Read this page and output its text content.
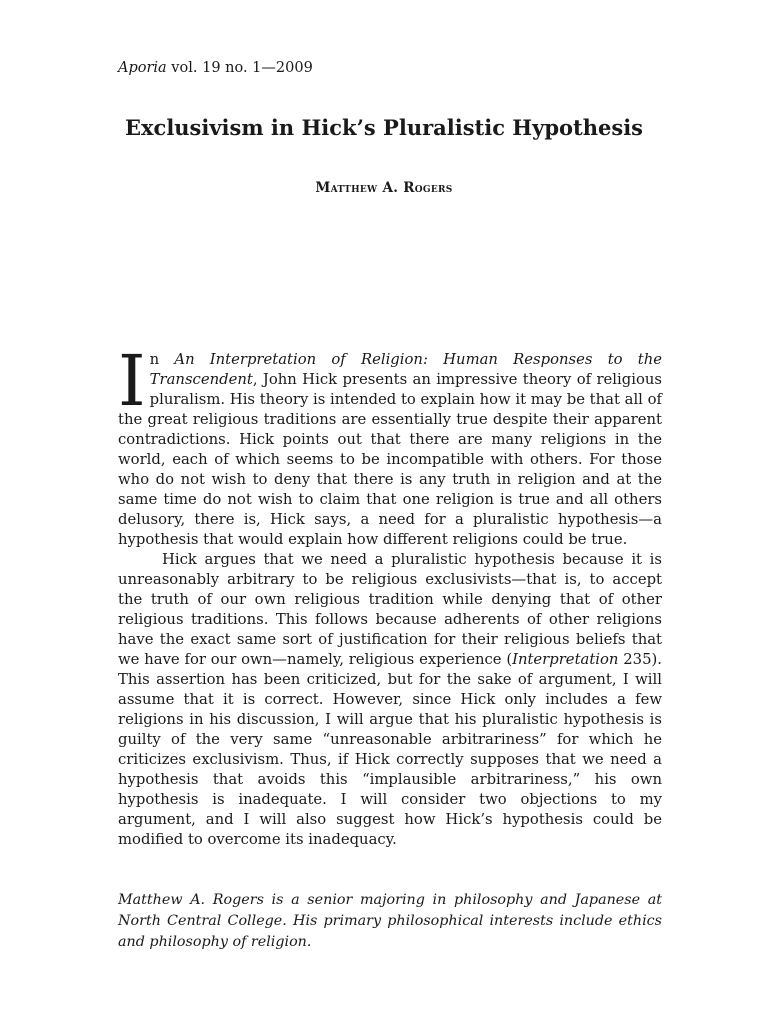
Aporia vol. 19 no. 1—2009
Exclusivism in Hick’s Pluralistic Hypothesis
Matthew A. Rogers

In An Interpretation of Religion: Human Responses to the Transcendent, John Hick presents an impressive theory of religious pluralism. His theory is intended to explain how it may be that all of the great religious traditions are essentially true despite their apparent contradictions. Hick points out that there are many religions in the world, each of which seems to be incompatible with others. For those who do not wish to deny that there is any truth in religion and at the same time do not wish to claim that one religion is true and all others delusory, there is, Hick says, a need for a pluralistic hypothesis—a hypothesis that would explain how different religions could be true.

Hick argues that we need a pluralistic hypothesis because it is unreasonably arbitrary to be religious exclusivists—that is, to accept the truth of our own religious tradition while denying that of other religious traditions. This follows because adherents of other religions have the exact same sort of justification for their religious beliefs that we have for our own—namely, religious experience (Interpretation 235). This assertion has been criticized, but for the sake of argument, I will assume that it is correct. However, since Hick only includes a few religions in his discussion, I will argue that his pluralistic hypothesis is guilty of the very same “unreasonable arbitrariness” for which he criticizes exclusivism. Thus, if Hick correctly supposes that we need a hypothesis that avoids this “implausible arbitrariness,” his own hypothesis is inadequate. I will consider two objections to my argument, and I will also suggest how Hick’s hypothesis could be modified to overcome its inadequacy.

Matthew A. Rogers is a senior majoring in philosophy and Japanese at North Central College. His primary philosophical interests include ethics and philosophy of religion.
